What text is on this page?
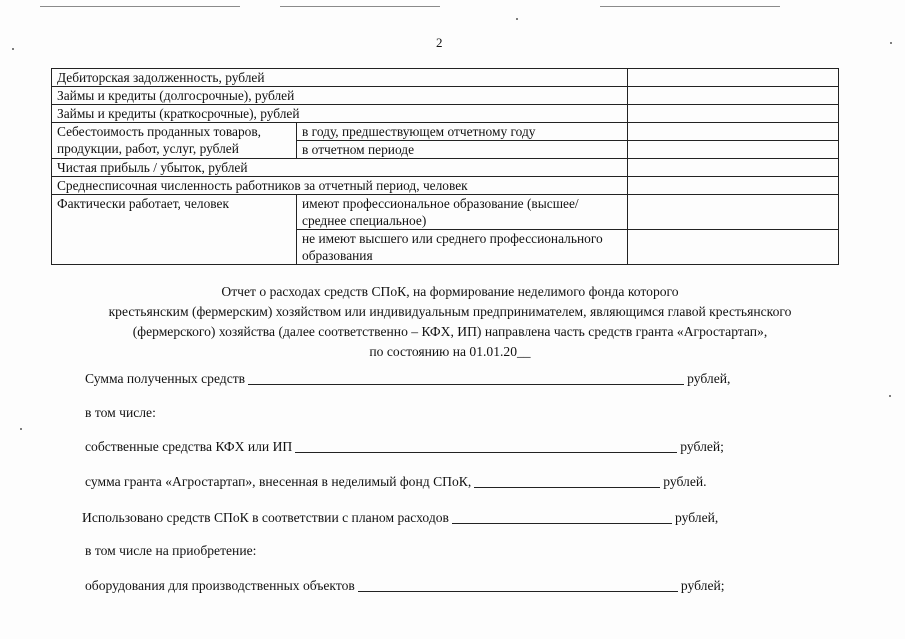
2
Дебиторская задолженность, рублей		
Займы и кредиты (долгосрочные), рублей		
Займы и кредиты (краткосрочные), рублей		
Себестоимость проданных товаров, продукции, работ, услуг, рублей	в году, предшествующем отчетному году	
	в отчетном периоде	
Чистая прибыль / убыток, рублей		
Среднесписочная численность работников за отчетный период, человек		
Фактически работает, человек	имеют профессиональное образование (высшее/среднее специальное)	
	не имеют высшего или среднего профессионального образования	
Отчет о расходах средств СПоК, на формирование неделимого фонда которого
крестьянским (фермерским) хозяйством или индивидуальным предпринимателем, являющимся главой крестьянского
(фермерского) хозяйства (далее соответственно – КФХ, ИП) направлена часть средств гранта «Агростартап»,
по состоянию на 01.01.20__
Сумма полученных средств	рублей,
в том числе:
собственные средства КФХ или ИП	рублей;
сумма гранта «Агростартап», внесенная в неделимый фонд СПоК,	рублей.
Использовано средств СПоК в соответствии с планом расходов	рублей,
в том числе на приобретение:
оборудования для производственных объектов	рублей;
